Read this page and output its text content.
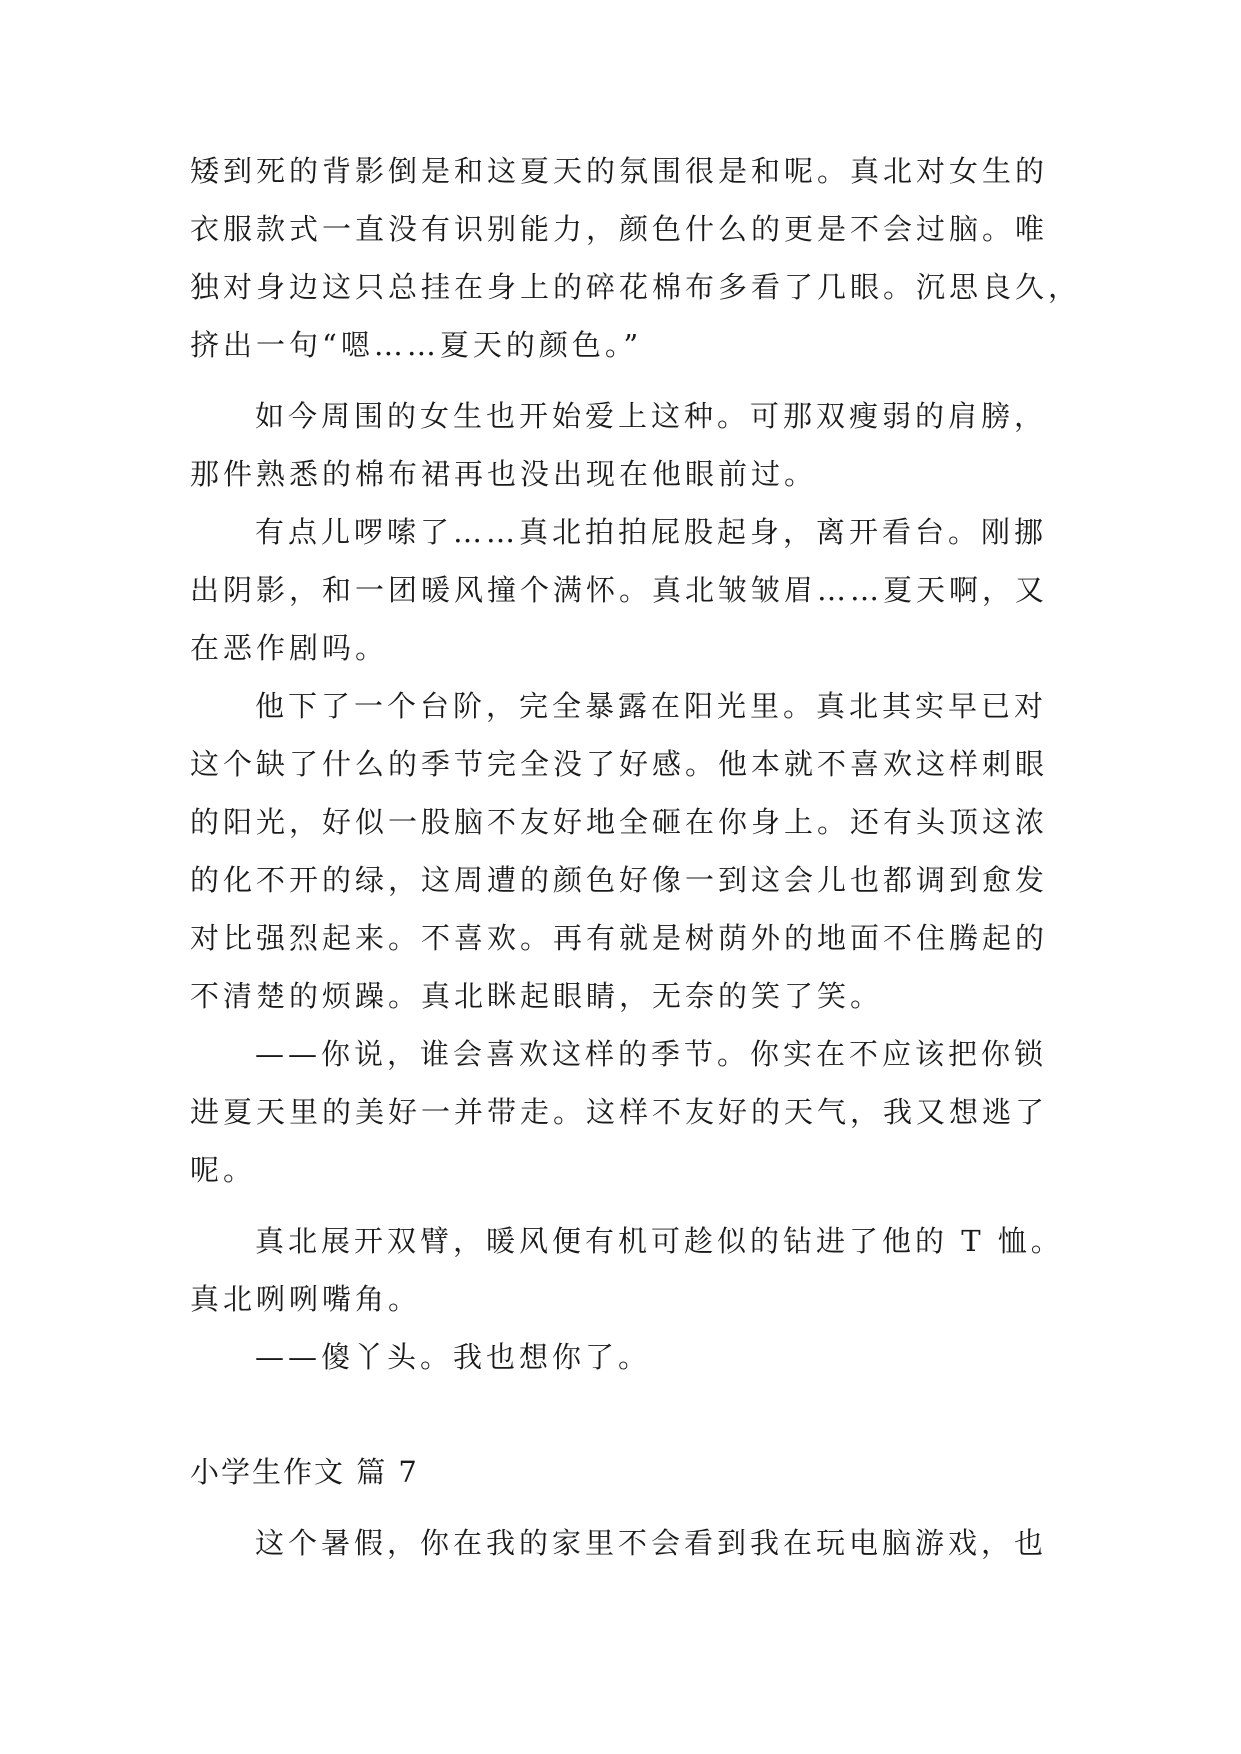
矮到死的背影倒是和这夏天的氛围很是和呢。真北对女生的
衣服款式一直没有识别能力，颜色什么的更是不会过脑。唯
独对身边这只总挂在身上的碎花棉布多看了几眼。沉思良久，
挤出一句“嗯……夏天的颜色。”
如今周围的女生也开始爱上这种。可那双瘦弱的肩膀，
那件熟悉的棉布裙再也没出现在他眼前过。
有点儿啰嗦了……真北拍拍屁股起身，离开看台。刚挪
出阴影，和一团暖风撞个满怀。真北皱皱眉……夏天啊，又
在恶作剧吗。
他下了一个台阶，完全暴露在阳光里。真北其实早已对
这个缺了什么的季节完全没了好感。他本就不喜欢这样刺眼
的阳光，好似一股脑不友好地全砸在你身上。还有头顶这浓
的化不开的绿，这周遭的颜色好像一到这会儿也都调到愈发
对比强烈起来。不喜欢。再有就是树荫外的地面不住腾起的
不清楚的烦躁。真北眯起眼睛，无奈的笑了笑。
——你说，谁会喜欢这样的季节。你实在不应该把你锁
进夏天里的美好一并带走。这样不友好的天气，我又想逃了
呢。
真北展开双臂，暖风便有机可趁似的钻进了他的 T 恤。
真北咧咧嘴角。
——傻丫头。我也想你了。
小学生作文 篇 7
这个暑假，你在我的家里不会看到我在玩电脑游戏，也
